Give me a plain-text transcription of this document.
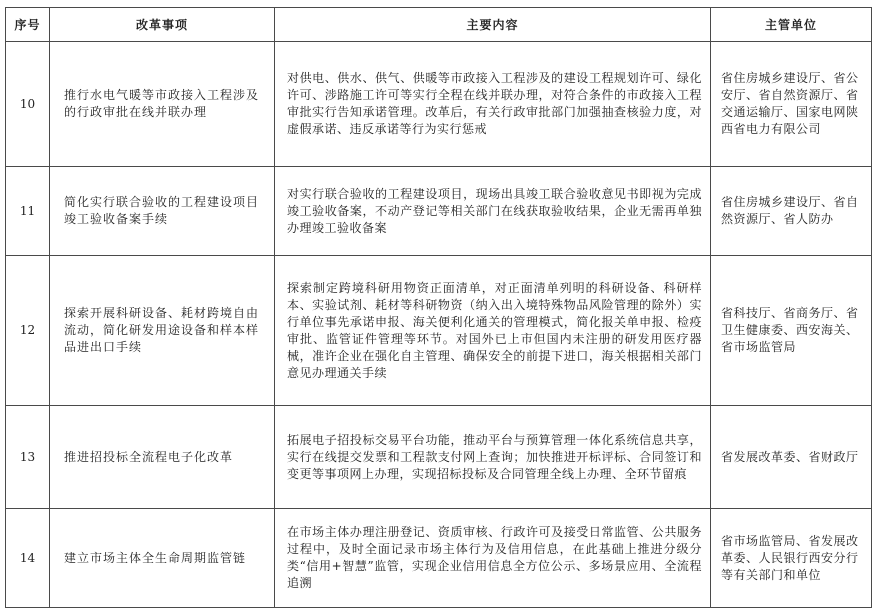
序号	改革事项	主要内容	主管单位
10	推行水电气暖等市政接入工程涉及的行政审批在线并联办理	对供电、供水、供气、供暖等市政接入工程涉及的建设工程规划许可、绿化许可、涉路施工许可等实行全程在线并联办理，对符合条件的市政接入工程审批实行告知承诺管理。改革后，有关行政审批部门加强抽查核验力度，对虚假承诺、违反承诺等行为实行惩戒	省住房城乡建设厅、省公安厅、省自然资源厅、省交通运输厅、国家电网陕西省电力有限公司
11	简化实行联合验收的工程建设项目竣工验收备案手续	对实行联合验收的工程建设项目，现场出具竣工联合验收意见书即视为完成竣工验收备案，不动产登记等相关部门在线获取验收结果，企业无需再单独办理竣工验收备案	省住房城乡建设厅、省自然资源厅、省人防办
12	探索开展科研设备、耗材跨境自由流动，简化研发用途设备和样本样品进出口手续	探索制定跨境科研用物资正面清单，对正面清单列明的科研设备、科研样本、实验试剂、耗材等科研物资（纳入出入境特殊物品风险管理的除外）实行单位事先承诺申报、海关便利化通关的管理模式，简化报关单申报、检疫审批、监管证件管理等环节。对国外已上市但国内未注册的研发用医疗器械，准许企业在强化自主管理、确保安全的前提下进口，海关根据相关部门意见办理通关手续	省科技厅、省商务厅、省卫生健康委、西安海关、省市场监管局
13	推进招投标全流程电子化改革	拓展电子招投标交易平台功能，推动平台与预算管理一体化系统信息共享，实行在线提交发票和工程款支付网上查询；加快推进开标评标、合同签订和变更等事项网上办理，实现招标投标及合同管理全线上办理、全环节留痕	省发展改革委、省财政厅
14	建立市场主体全生命周期监管链	在市场主体办理注册登记、资质审核、行政许可及接受日常监管、公共服务过程中，及时全面记录市场主体行为及信用信息，在此基础上推进分级分类“信用+智慧”监管，实现企业信用信息全方位公示、多场景应用、全流程追溯	省市场监管局、省发展改革委、人民银行西安分行等有关部门和单位
